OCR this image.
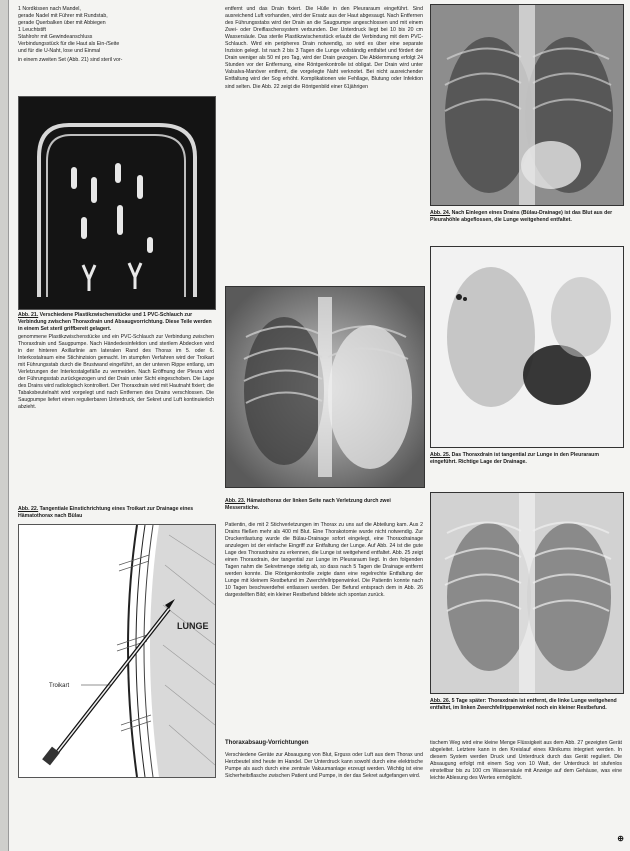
1 Nordkissen nach Mandel,

gerade Nadel mit Führer mit Rundstab,

gerade Querbalken über mit Abbiegen

1 Leuchtstift

Stahlrohr mit Gewindeanschluss

Verbindungsstück für die Haut als Ein-/Seite

und für die U-Naht, lose und Einmal

in einem zweiten Set (Abb. 21) sind steril vor-

Abb. 21. Verschiedene Plastikzwischenstücke und 1 PVC-Schlauch zur Verbindung zwischen Thoraxdrain und Absaugvorrichtung. Diese Teile werden in einem Set steril griffbereit gelagert.

genommene Plastikzwischenstücke und ein PVC-Schlauch zur Verbindung zwischen Thoraxdrain und Saugpumpe. Nach Händedesinfektion und sterilem Abdecken wird in der hinteren Axillarlinie am lateralen Rand des Thorax im 5. oder 6. Interkostalraum eine Stichinzision gemacht. Im stumpfen Verfahren wird der Troikart mit Führungsstab durch die Brustwand eingeführt, an der unteren Rippe entlang, um Verletzungen der Interkostalgefäße zu vermeiden. Nach Eröffnung der Pleura wird der Führungsstab zurückgezogen und der Drain unter Sicht eingeschoben. Die Lage des Drains wird radiologisch kontrolliert. Der Thoraxdrain wird mit Hautnaht fixiert; die Tabaksbeutelnaht wird vorgelegt und nach Entfernen des Drains verschlossen. Die Saugpumpe liefert einen regulierbaren Unterdruck, der Sekret und Luft kontinuierlich abzieht.

Abb. 22. Tangentiale Einstichrichtung eines Troikart zur Drainage eines Hämatothorax nach Bülau
LUNGE
Troikart

entfernt und das Drain fixiert. Die Hülle in den Pleuraraum eingeführt. Sind ausreichend Luft vorhanden, wird der Ersatz aus der Haut abgesaugt. Nach Entfernen des Führungsstabs wird der Drain an die Saugpumpe angeschlossen und mit einem Zwei- oder Dreiflaschensystem verbunden. Der Unterdruck liegt bei 10 bis 20 cm Wassersäule. Das sterile Plastikzwischenstück erlaubt die Verbindung mit dem PVC-Schlauch. Wird ein peripheres Drain notwendig, so wird es über eine separate Inzision gelegt. Ist nach 2 bis 3 Tagen die Lunge vollständig entfaltet und fördert der Drain weniger als 50 ml pro Tag, wird der Drain gezogen. Die Abklemmung erfolgt 24 Stunden vor der Entfernung, eine Röntgenkontrolle ist obligat. Der Drain wird unter Valsalva-Manöver entfernt, die vorgelegte Naht verknotet. Bei nicht ausreichender Entfaltung wird der Sog erhöht. Komplikationen wie Fehllage, Blutung oder Infektion sind selten. Die Abb. 22 zeigt die Röntgenbild einer 61jährigen

Abb. 23. Hämatothorax der linken Seite nach Verletzung durch zwei Messerstiche.

Patientin, die mit 2 Stichverletzungen im Thorax zu uns auf die Abteilung kam. Aus 2 Drains fließen mehr als 400 ml Blut. Eine Thorakotomie wurde nicht notwendig. Zur Druckentlastung wurde die Bülau-Drainage sofort eingelegt, eine Thoraxdrainage anzulegen ist der einfache Eingriff zur Entfaltung der Lunge. Auf Abb. 24 ist die gute Lage des Thoraxdrains zu erkennen, die Lunge ist weitgehend entfaltet. Abb. 25 zeigt einen Thoraxdrain, der tangential zur Lunge im Pleuraraum liegt. In den folgenden Tagen nahm die Sekretmenge stetig ab, so dass nach 5 Tagen die Drainage entfernt werden konnte. Die Röntgenkontrolle zeigte dann eine regelrechte Entfaltung der Lunge mit kleinem Restbefund im Zwerchfellrippenwinkel. Die Patientin konnte nach 10 Tagen beschwerdefrei entlassen werden. Der Befund entsprach dem in Abb. 26 dargestellten Bild; ein kleiner Restbefund bildete sich spontan zurück.

Thoraxabsaug-Vorrichtungen

Verschiedene Geräte zur Absaugung von Blut, Erguss oder Luft aus dem Thorax und Herzbeutel sind heute im Handel. Der Unterdruck kann sowohl durch eine elektrische Pumpe als auch durch eine zentrale Vakuumanlage erzeugt werden. Wichtig ist eine Sicherheitsflasche zwischen Patient und Pumpe, in der das Sekret aufgefangen wird.

Abb. 24. Nach Einlegen eines Drains (Bülau-Drainage) ist das Blut aus der Pleurahöhle abgeflossen, die Lunge weitgehend entfaltet.
Abb. 25. Das Thoraxdrain ist tangential zur Lunge in den Pleuraraum eingeführt. Richtige Lage der Drainage.
Abb. 26. 5 Tage später: Thoraxdrain ist entfernt, die linke Lunge weitgehend entfaltet, im linken Zwerchfellrippenwinkel noch ein kleiner Restbefund.

tischem Weg wird eine kleine Menge Flüssigkeit aus dem Abb. 27 gezeigten Gerät abgeleitet. Letztere kann in den Kreislauf eines Klinikums integriert werden. In diesem System werden Druck und Unterdruck durch das Gerät reguliert. Die Absaugung erfolgt mit einem Sog von 10 Watt, der Unterdruck ist stufenlos einstellbar bis zu 100 cm Wassersäule mit Anzeige auf dem Gehäuse, was eine leichte Ablesung des Wertes ermöglicht.

⊕
